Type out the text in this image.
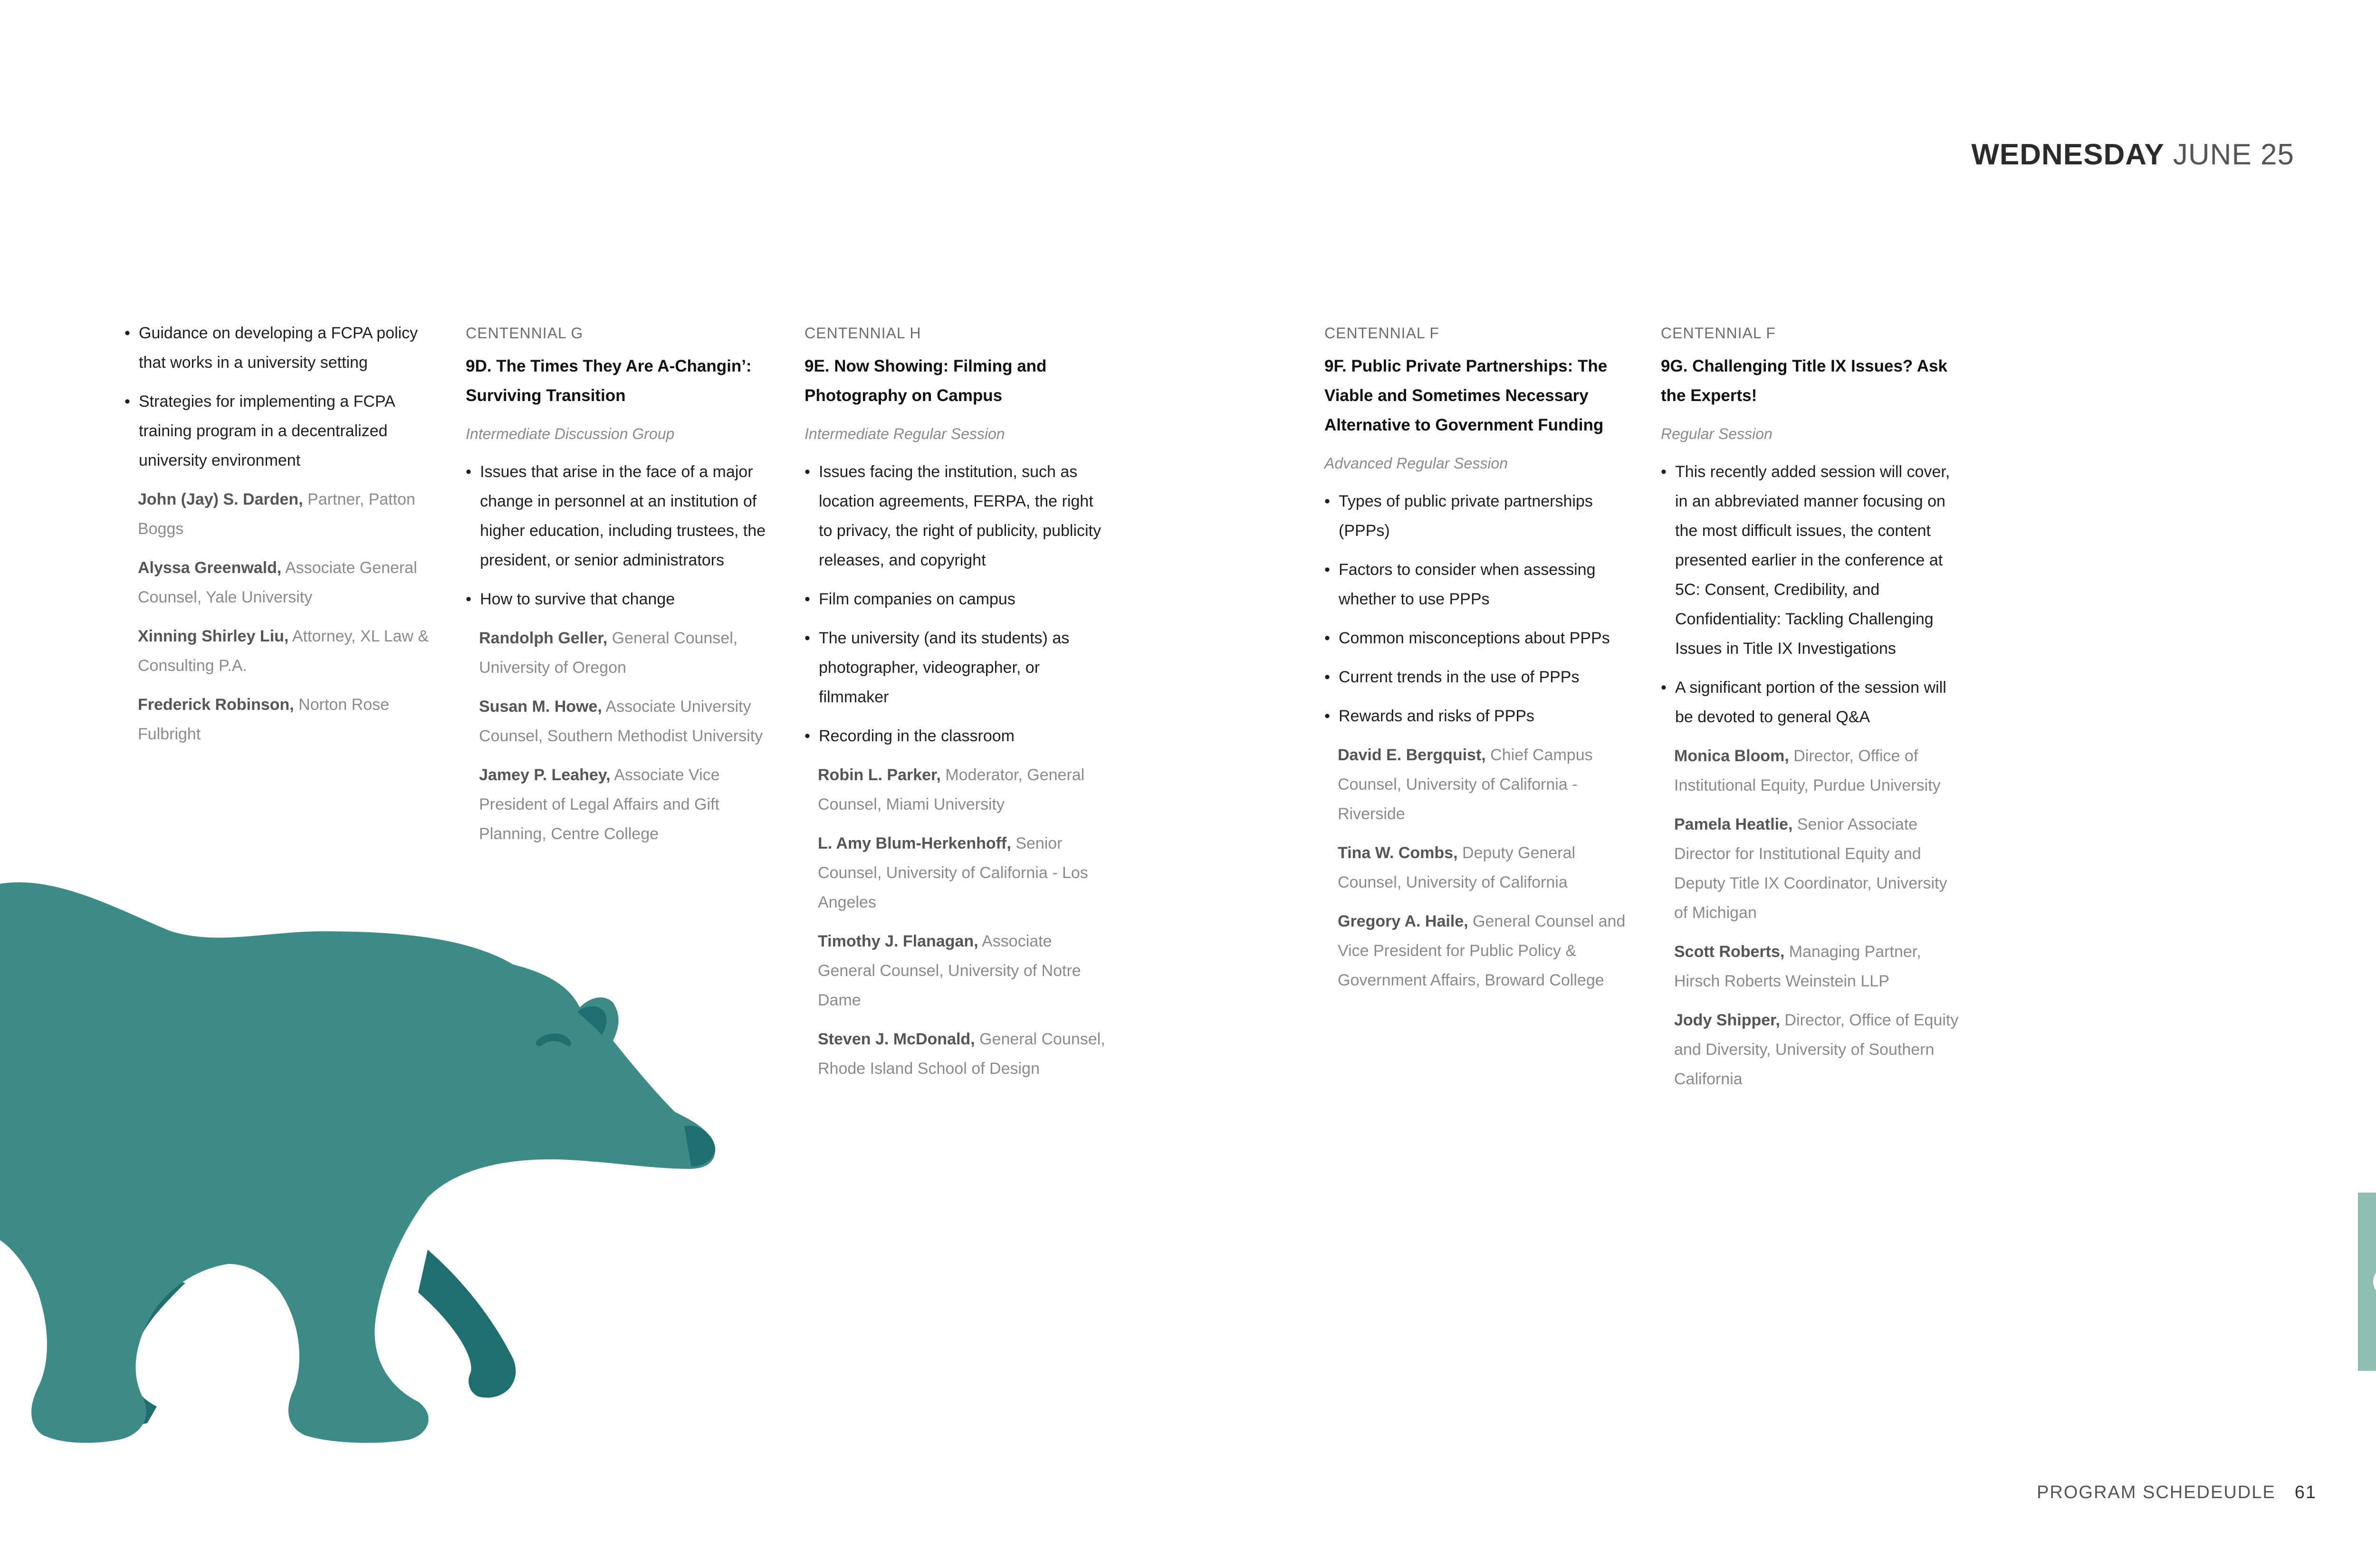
WEDNESDAY JUNE 25
• Guidance on developing a FCPA policy that works in a university setting
• Strategies for implementing a FCPA training program in a decentralized university environment
John (Jay) S. Darden, Partner, Patton Boggs
Alyssa Greenwald, Associate General Counsel, Yale University
Xinning Shirley Liu, Attorney, XL Law & Consulting P.A.
Frederick Robinson, Norton Rose Fulbright
CENTENNIAL G
9D. The Times They Are A-Changin’: Surviving Transition
Intermediate Discussion Group
• Issues that arise in the face of a major change in personnel at an institution of higher education, including trustees, the president, or senior administrators
• How to survive that change
Randolph Geller, General Counsel, University of Oregon
Susan M. Howe, Associate University Counsel, Southern Methodist University
Jamey P. Leahey, Associate Vice President of Legal Affairs and Gift Planning, Centre College
CENTENNIAL H
9E. Now Showing: Filming and Photography on Campus
Intermediate Regular Session
• Issues facing the institution, such as location agreements, FERPA, the right to privacy, the right of publicity, publicity releases, and copyright
• Film companies on campus
• The university (and its students) as photographer, videographer, or filmmaker
• Recording in the classroom
Robin L. Parker, Moderator, General Counsel, Miami University
L. Amy Blum-Herkenhoff, Senior Counsel, University of California - Los Angeles
Timothy J. Flanagan, Associate General Counsel, University of Notre Dame
Steven J. McDonald, General Counsel, Rhode Island School of Design
CENTENNIAL F
9F. Public Private Partnerships: The Viable and Sometimes Necessary Alternative to Government Funding
Advanced Regular Session
• Types of public private partnerships (PPPs)
• Factors to consider when assessing whether to use PPPs
• Common misconceptions about PPPs
• Current trends in the use of PPPs
• Rewards and risks of PPPs
David E. Bergquist, Chief Campus Counsel, University of California - Riverside
Tina W. Combs, Deputy General Counsel, University of California
Gregory A. Haile, General Counsel and Vice President for Public Policy & Government Affairs, Broward College
CENTENNIAL F
9G. Challenging Title IX Issues? Ask the Experts!
Regular Session
• This recently added session will cover, in an abbreviated manner focusing on the most difficult issues, the content presented earlier in the conference at 5C: Consent, Credibility, and Confidentiality: Tackling Challenging Issues in Title IX Investigations
• A significant portion of the session will be devoted to general Q&A
Monica Bloom, Director, Office of Institutional Equity, Purdue University
Pamela Heatlie, Senior Associate Director for Institutional Equity and Deputy Title IX Coordinator, University of Michigan
Scott Roberts, Managing Partner, Hirsch Roberts Weinstein LLP
Jody Shipper, Director, Office of Equity and Diversity, University of Southern California
PROGRAM SCHEDEUDLE 61
